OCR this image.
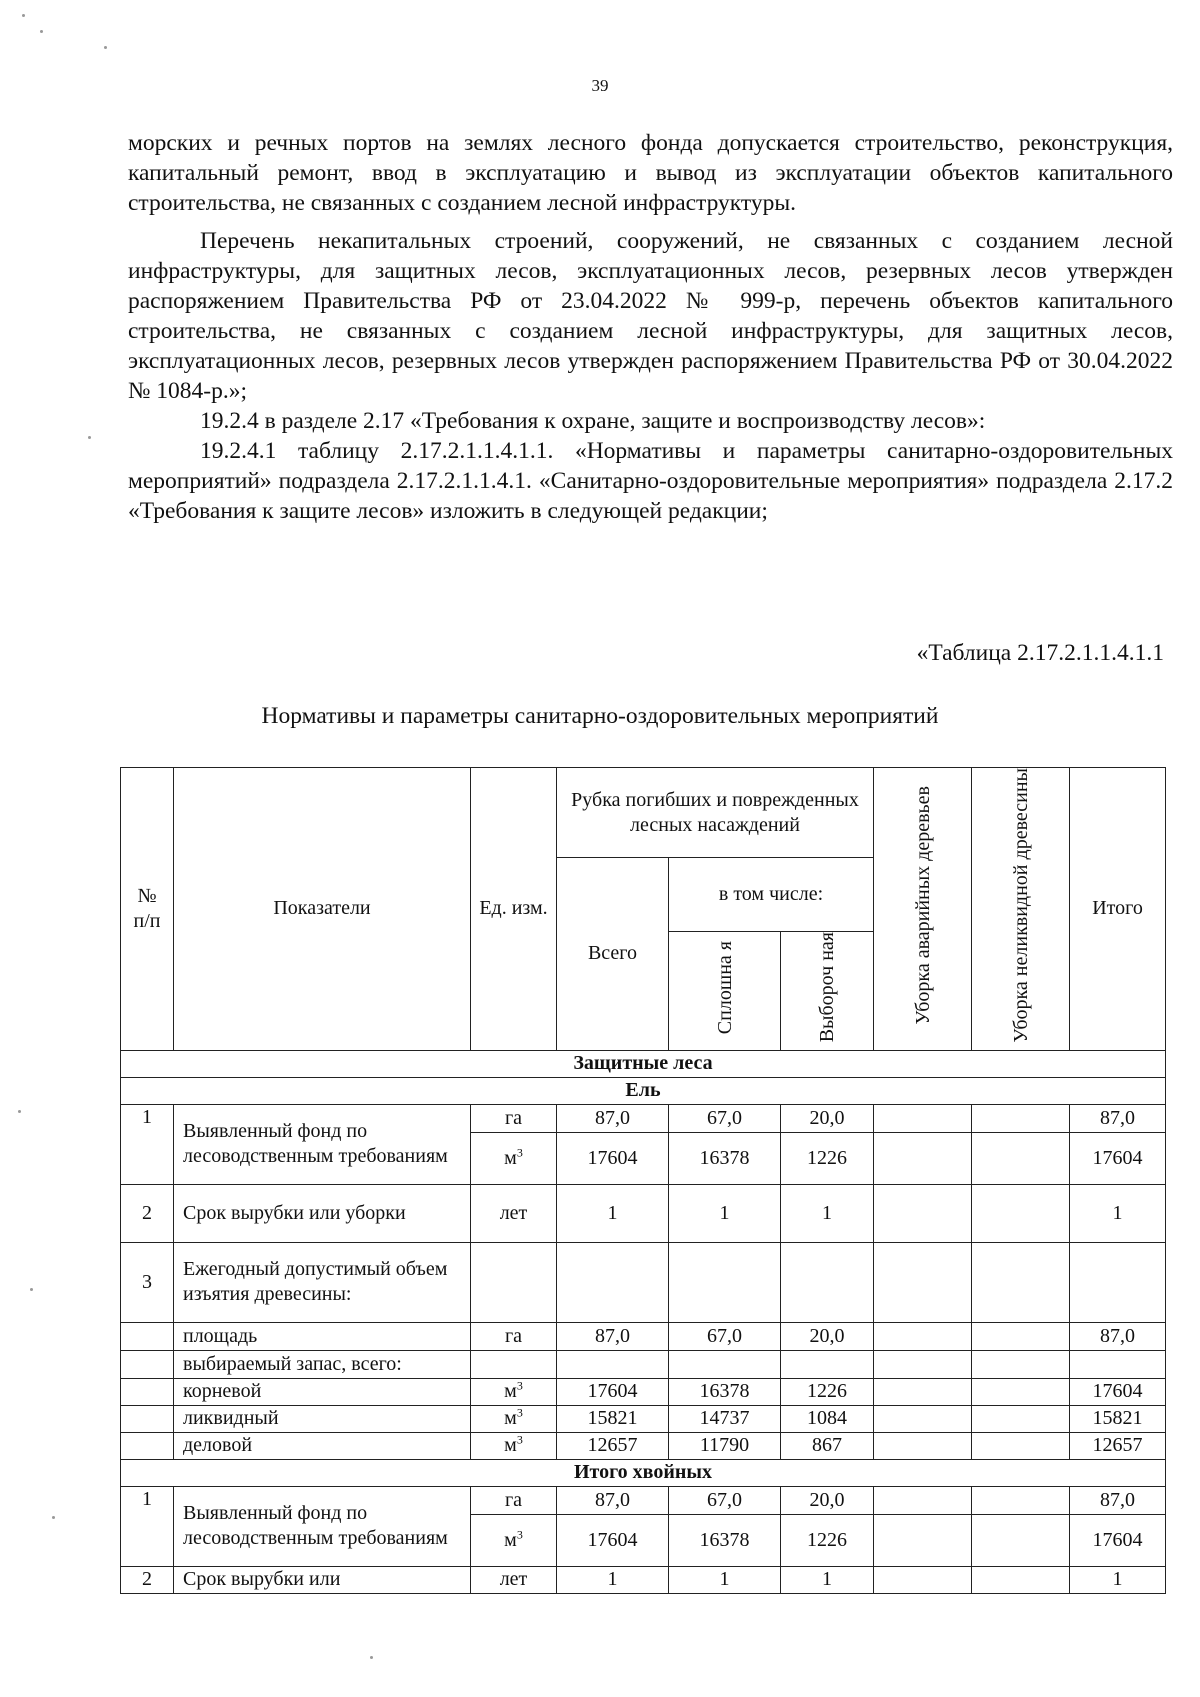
39

морских и речных портов на землях лесного фонда допускается строительство, реконструкция, капитальный ремонт, ввод в эксплуатацию и вывод из эксплуатации объектов капитального строительства, не связанных с созданием лесной инфраструктуры.

Перечень некапитальных строений, сооружений, не связанных с созданием лесной инфраструктуры, для защитных лесов, эксплуатационных лесов, резервных лесов утвержден распоряжением Правительства РФ от 23.04.2022 № 999-р, перечень объектов капитального строительства, не связанных с созданием лесной инфраструктуры, для защитных лесов, эксплуатационных лесов, резервных лесов утвержден распоряжением Правительства РФ от 30.04.2022 № 1084-р.»;

19.2.4 в разделе 2.17 «Требования к охране, защите и воспроизводству лесов»:

19.2.4.1 таблицу 2.17.2.1.1.4.1.1. «Нормативы и параметры санитарно-оздоровительных мероприятий» подраздела 2.17.2.1.1.4.1. «Санитарно-оздоровительные мероприятия» подраздела 2.17.2 «Требования к защите лесов» изложить в следующей редакции;

«Таблица 2.17.2.1.1.4.1.1
Нормативы и параметры санитарно-оздоровительных мероприятий
№ п/п	Показатели	Ед. изм.	Рубка погибших и поврежденных лесных насаждений			Уборка аварийных деревьев	Уборка неликвидной древесины	Итого
			Всего	в том числе:				
				Сплошна я	Выбороч ная			
Защитные леса								
Ель								
1	Выявленный фонд по лесоводственным требованиям	га	87,0	67,0	20,0			87,0
		$м^3$	17604	16378	1226			17604
2	Срок вырубки или уборки	лет	1	1	1			1
3	Ежегодный допустимый объем изъятия древесины:							
	площадь	га	87,0	67,0	20,0			87,0
	выбираемый запас, всего:							
	корневой	$м^3$	17604	16378	1226			17604
	ликвидный	$м^3$	15821	14737	1084			15821
	деловой	$м^3$	12657	11790	867			12657
Итого хвойных								
1	Выявленный фонд по лесоводственным требованиям	га	87,0	67,0	20,0			87,0
		$м^3$	17604	16378	1226			17604
2	Срок вырубки или	лет	1	1	1			1
